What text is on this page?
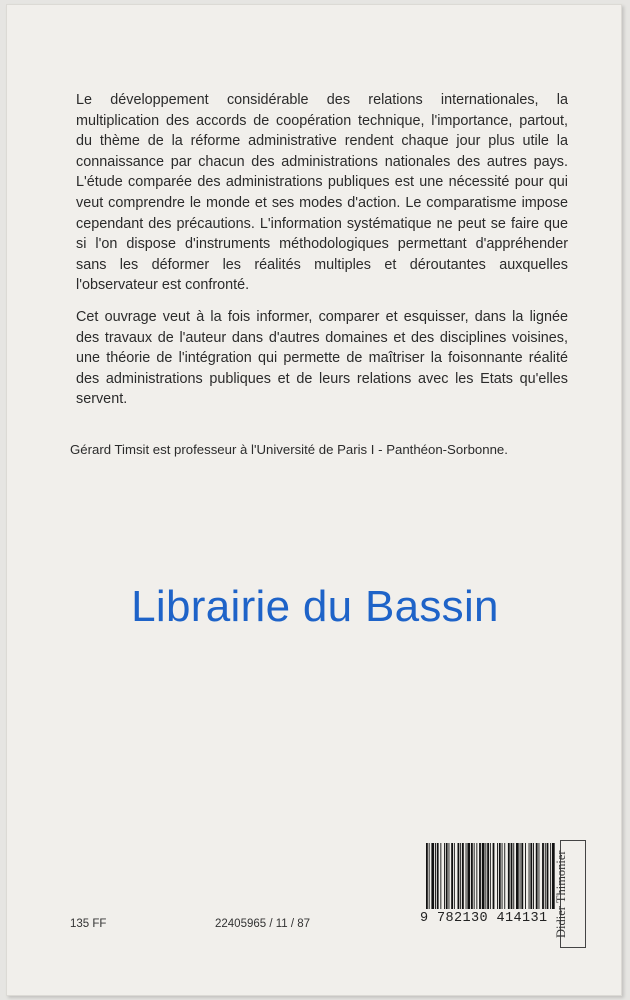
Le développement considérable des relations internationales, la multiplication des accords de coopération technique, l'importance, partout, du thème de la réforme administrative rendent chaque jour plus utile la connaissance par chacun des administrations nationales des autres pays. L'étude comparée des administrations publiques est une nécessité pour qui veut comprendre le monde et ses modes d'action. Le comparatisme impose cependant des précautions. L'information systématique ne peut se faire que si l'on dispose d'instruments méthodologiques permettant d'appréhender sans les déformer les réalités multiples et déroutantes auxquelles l'observateur est confronté.

Cet ouvrage veut à la fois informer, comparer et esquisser, dans la lignée des travaux de l'auteur dans d'autres domaines et des disciplines voisines, une théorie de l'intégration qui permette de maîtriser la foisonnante réalité des administrations publiques et de leurs relations avec les Etats qu'elles servent.

Gérard Timsit est professeur à l'Université de Paris I - Panthéon-Sorbonne.
Librairie du Bassin
135 FF	22405965 / 11 / 87	9 782130 414131 Didier Thimonier
